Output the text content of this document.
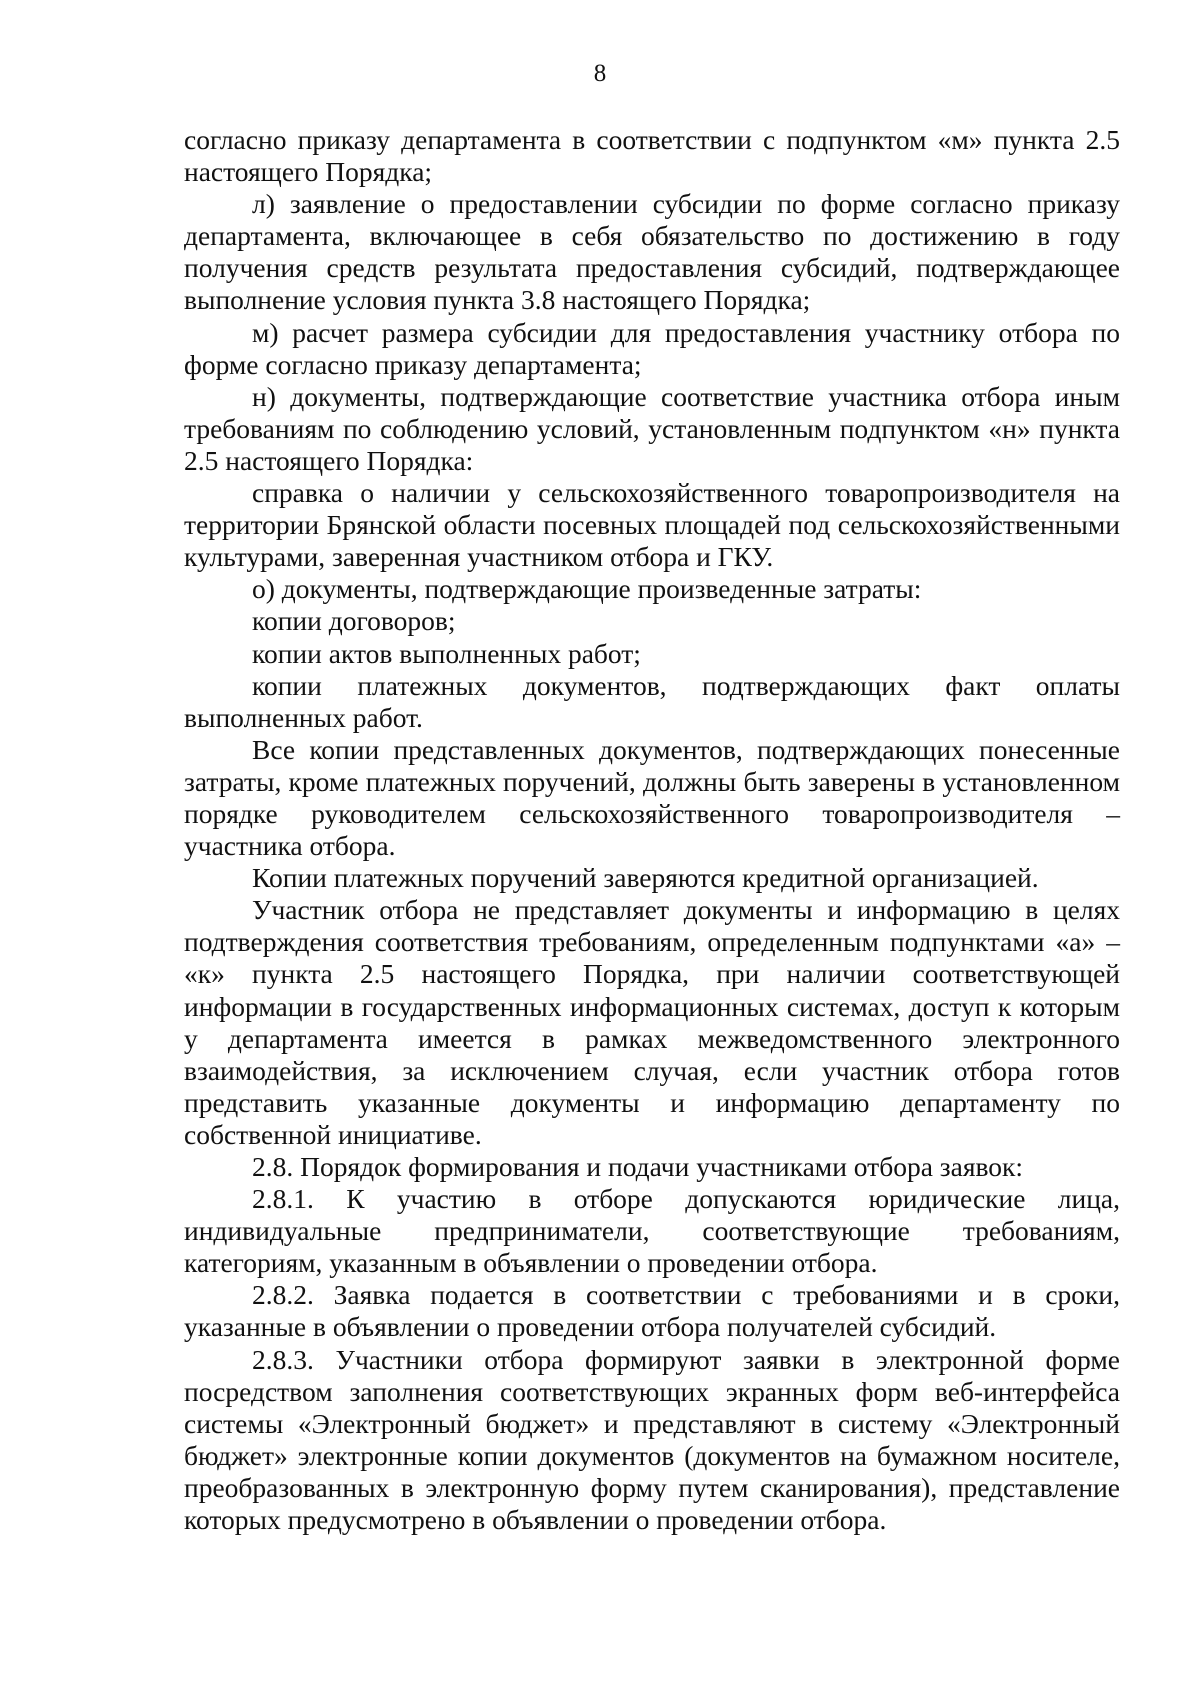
8

согласно приказу департамента в соответствии с подпунктом «м» пункта 2.5 настоящего Порядка;

л) заявление о предоставлении субсидии по форме согласно приказу департамента, включающее в себя обязательство по достижению в году получения средств результата предоставления субсидий, подтверждающее выполнение условия пункта 3.8 настоящего Порядка;

м) расчет размера субсидии для предоставления участнику отбора по форме согласно приказу департамента;

н) документы, подтверждающие соответствие участника отбора иным требованиям по соблюдению условий, установленным подпунктом «н» пункта 2.5 настоящего Порядка:

справка о наличии у сельскохозяйственного товаропроизводителя на территории Брянской области посевных площадей под сельскохозяйственными культурами, заверенная участником отбора и ГКУ.

о) документы, подтверждающие произведенные затраты:

копии договоров;

копии актов выполненных работ;

копии платежных документов, подтверждающих факт оплаты выполненных работ.

Все копии представленных документов, подтверждающих понесенные затраты, кроме платежных поручений, должны быть заверены в установленном порядке руководителем сельскохозяйственного товаропроизводителя – участника отбора.

Копии платежных поручений заверяются кредитной организацией.

Участник отбора не представляет документы и информацию в целях подтверждения соответствия требованиям, определенным подпунктами «а» – «к» пункта 2.5 настоящего Порядка, при наличии соответствующей информации в государственных информационных системах, доступ к которым у департамента имеется в рамках межведомственного электронного взаимодействия, за исключением случая, если участник отбора готов представить указанные документы и информацию департаменту по собственной инициативе.

2.8. Порядок формирования и подачи участниками отбора заявок:

2.8.1. К участию в отборе допускаются юридические лица, индивидуальные предприниматели, соответствующие требованиям, категориям, указанным в объявлении о проведении отбора.

2.8.2. Заявка подается в соответствии с требованиями и в сроки, указанные в объявлении о проведении отбора получателей субсидий.

2.8.3. Участники отбора формируют заявки в электронной форме посредством заполнения соответствующих экранных форм веб-интерфейса системы «Электронный бюджет» и представляют в систему «Электронный бюджет» электронные копии документов (документов на бумажном носителе, преобразованных в электронную форму путем сканирования), представление которых предусмотрено в объявлении о проведении отбора.
